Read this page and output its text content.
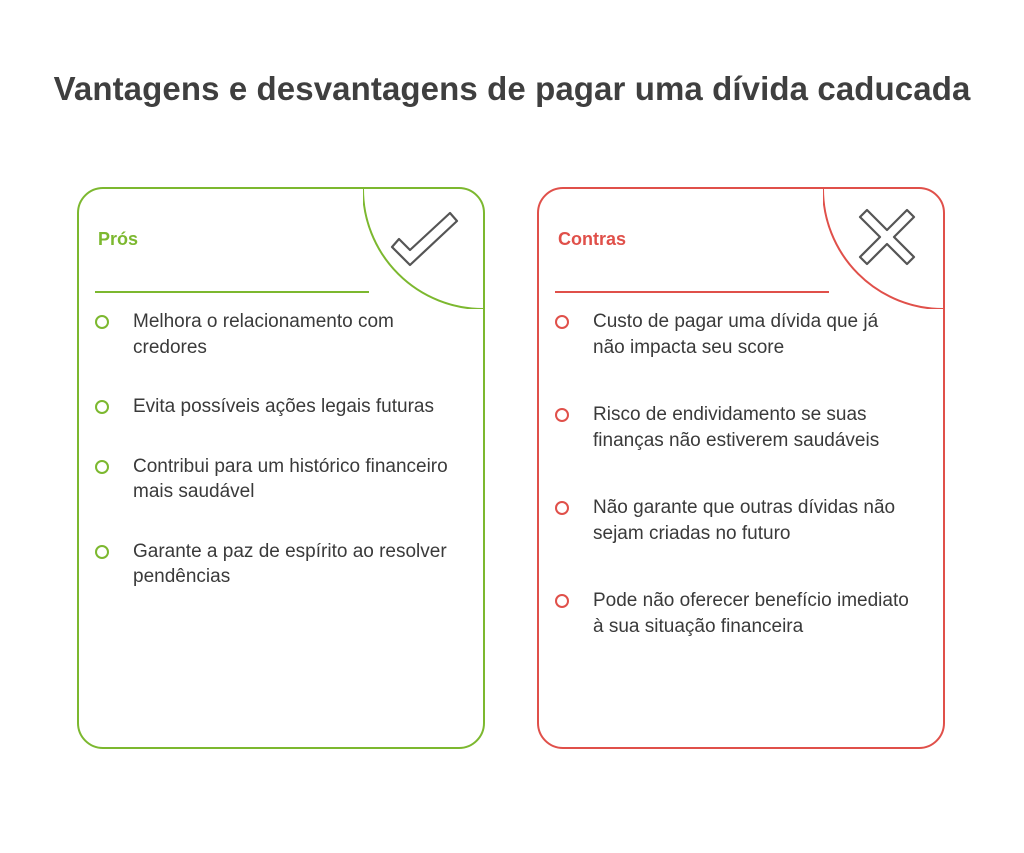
Vantagens e desvantagens de pagar uma dívida caducada
Prós
Melhora o relacionamento com credores
Evita possíveis ações legais futuras
Contribui para um histórico financeiro mais saudável
Garante a paz de espírito ao resolver pendências
Contras
Custo de pagar uma dívida que já não impacta seu score
Risco de endividamento se suas finanças não estiverem saudáveis
Não garante que outras dívidas não sejam criadas no futuro
Pode não oferecer benefício imediato à sua situação financeira
